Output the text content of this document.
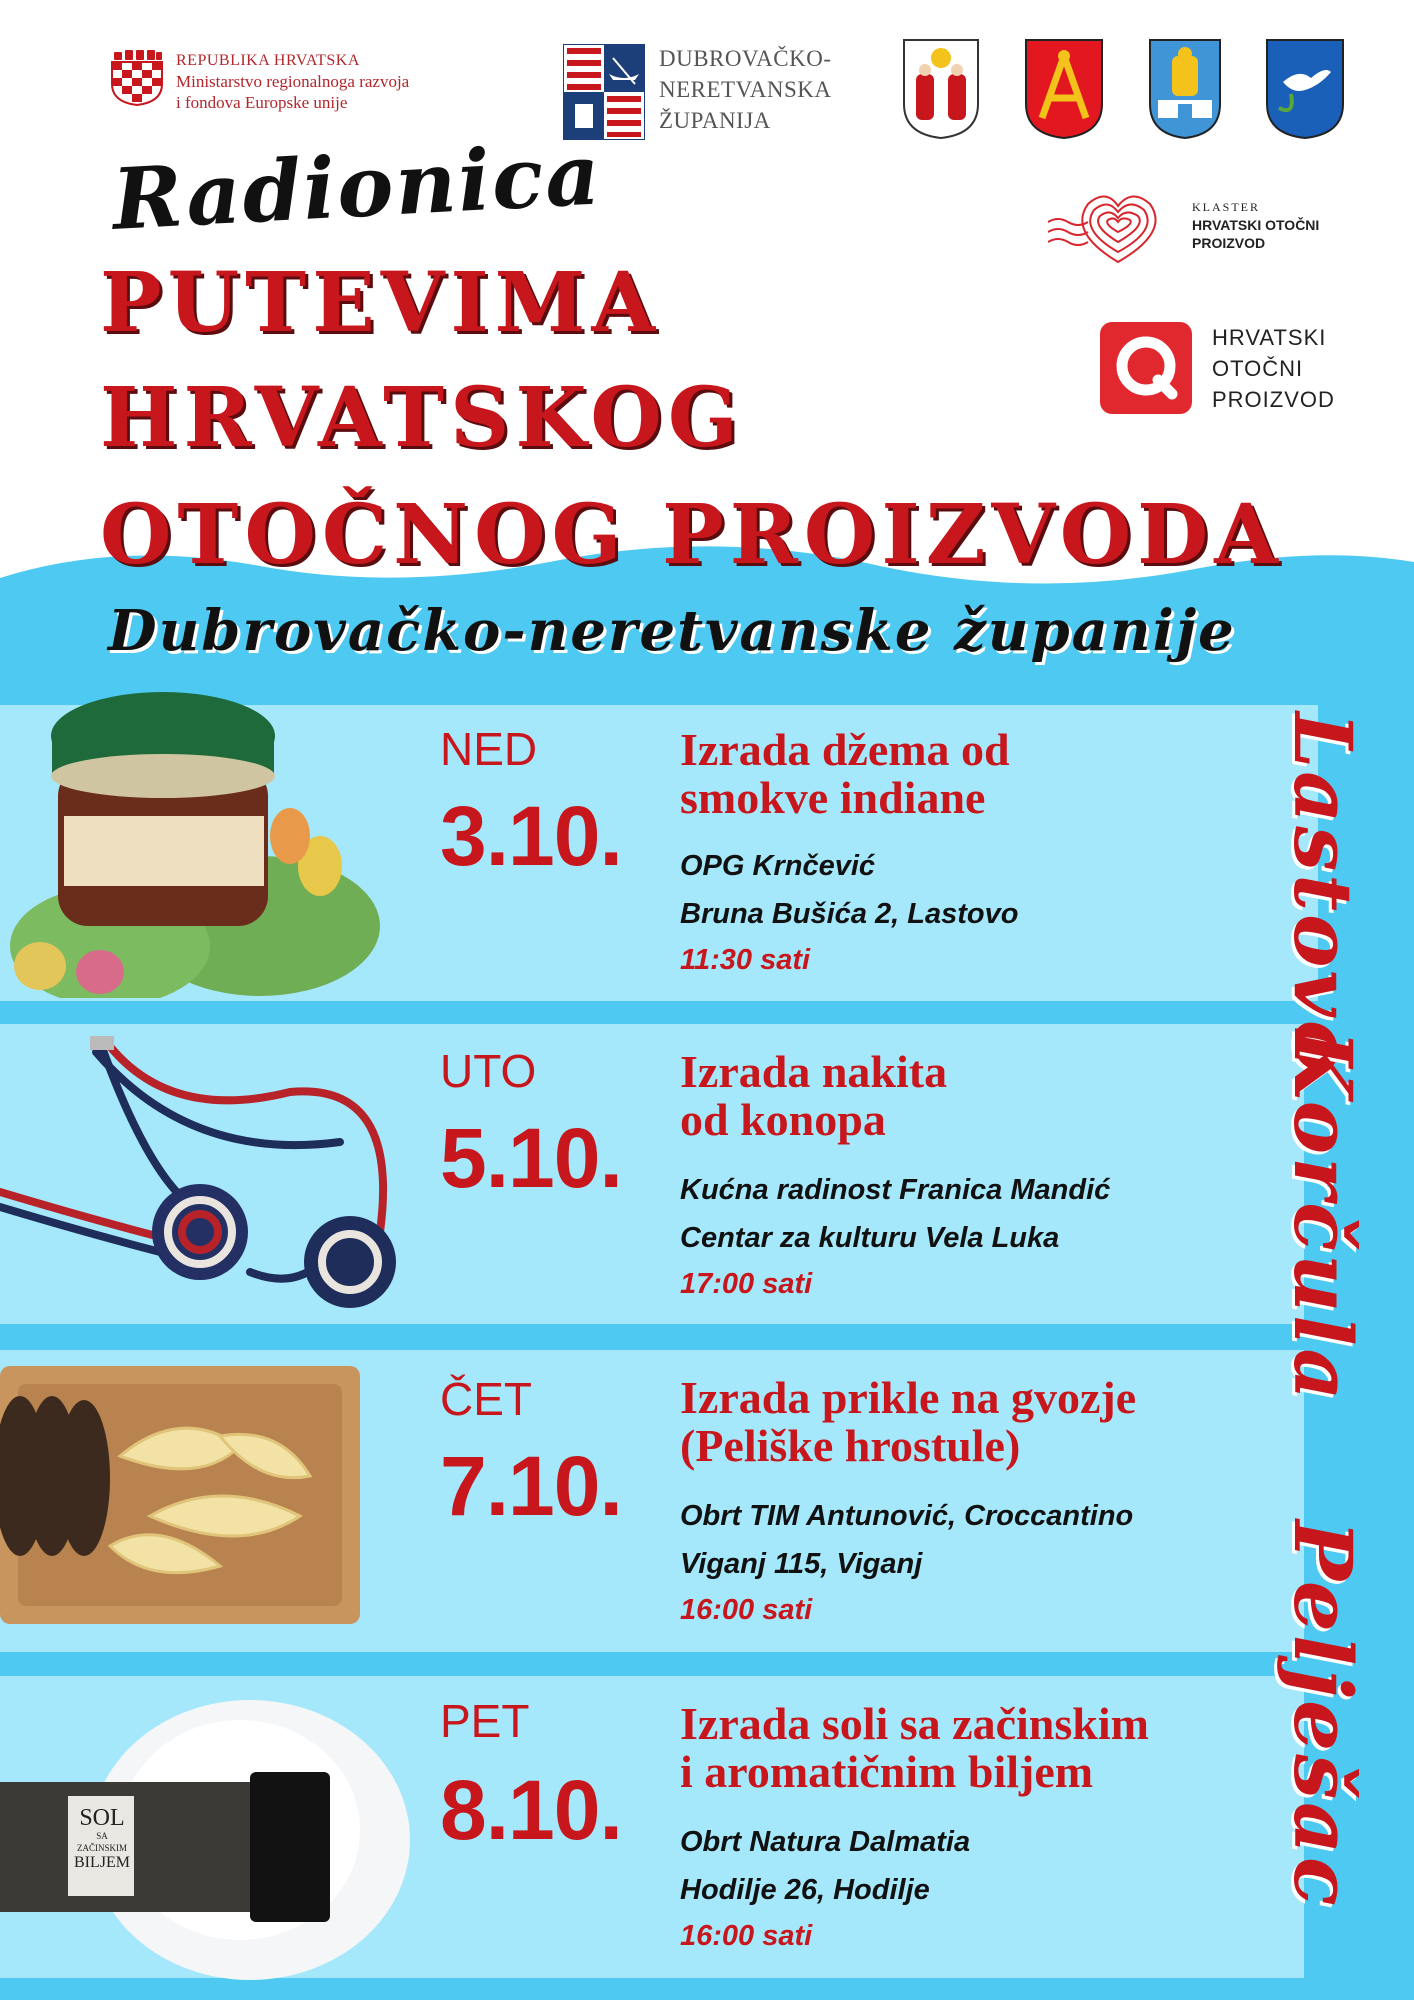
REPUBLIKA HRVATSKA
Ministarstvo regionalnoga razvoja
i fondova Europske unije
DUBROVAČKO-
NERETVANSKA
ŽUPANIJA
KLASTER
HRVATSKI OTOČNI
PROIZVOD
HRVATSKI
OTOČNI
PROIZVOD
Radionica
PUTEVIMA
HRVATSKOG
OTOČNOG PROIZVODA
Dubrovačko-neretvanske županije
SOL
SA ZAČINSKIM
BILJEM
NED
3.10.
Izrada džema od
smokve indiane
OPG Krnčević
Bruna Bušića 2, Lastovo
11:30 sati
UTO
5.10.
Izrada nakita
od konopa
Kućna radinost Franica Mandić
Centar za kulturu Vela Luka
17:00 sati
ČET
7.10.
Izrada prikle na gvozje
(Peliške hrostule)
Obrt TIM Antunović, Croccantino
Viganj 115, Viganj
16:00 sati
PET
8.10.
Izrada soli sa začinskim
i aromatičnim biljem
Obrt Natura Dalmatia
Hodilje 26, Hodilje
16:00 sati
Lastovo
Korčula
Pelješac
